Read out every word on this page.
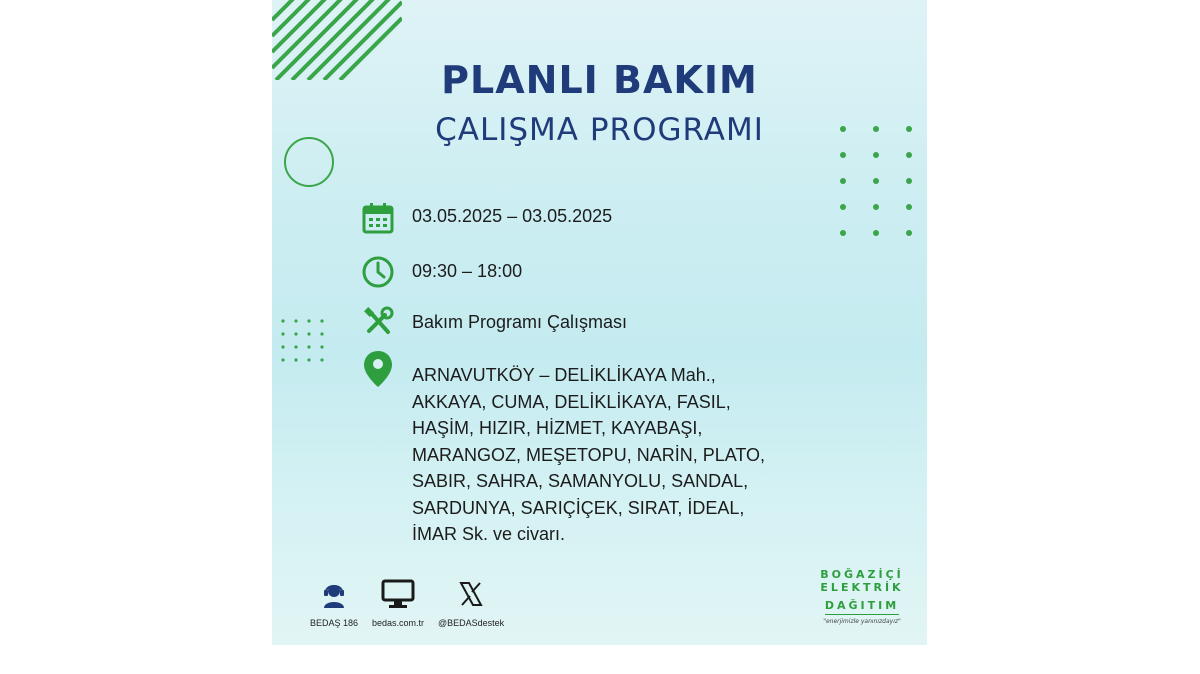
PLANLI BAKIM
ÇALIŞMA PROGRAMI
03.05.2025 – 03.05.2025
09:30 – 18:00
Bakım Programı Çalışması
ARNAVUTKÖY – DELİKLİKAYA Mah.,
AKKAYA, CUMA, DELİKLİKAYA, FASIL,
HAŞİM, HIZIR, HİZMET, KAYABAŞI,
MARANGOZ, MEŞETOPU, NARİN, PLATO,
SABIR, SAHRA, SAMANYOLU, SANDAL,
SARDUNYA, SARIÇİÇEK, SIRAT, İDEAL,
İMAR Sk. ve civarı.
BEDAŞ 186 bedas.com.tr @BEDASdestek
BOĞAZİÇİ
ELEKTRİK
DAĞITIM
"enerjimizle yanınızdayız"
